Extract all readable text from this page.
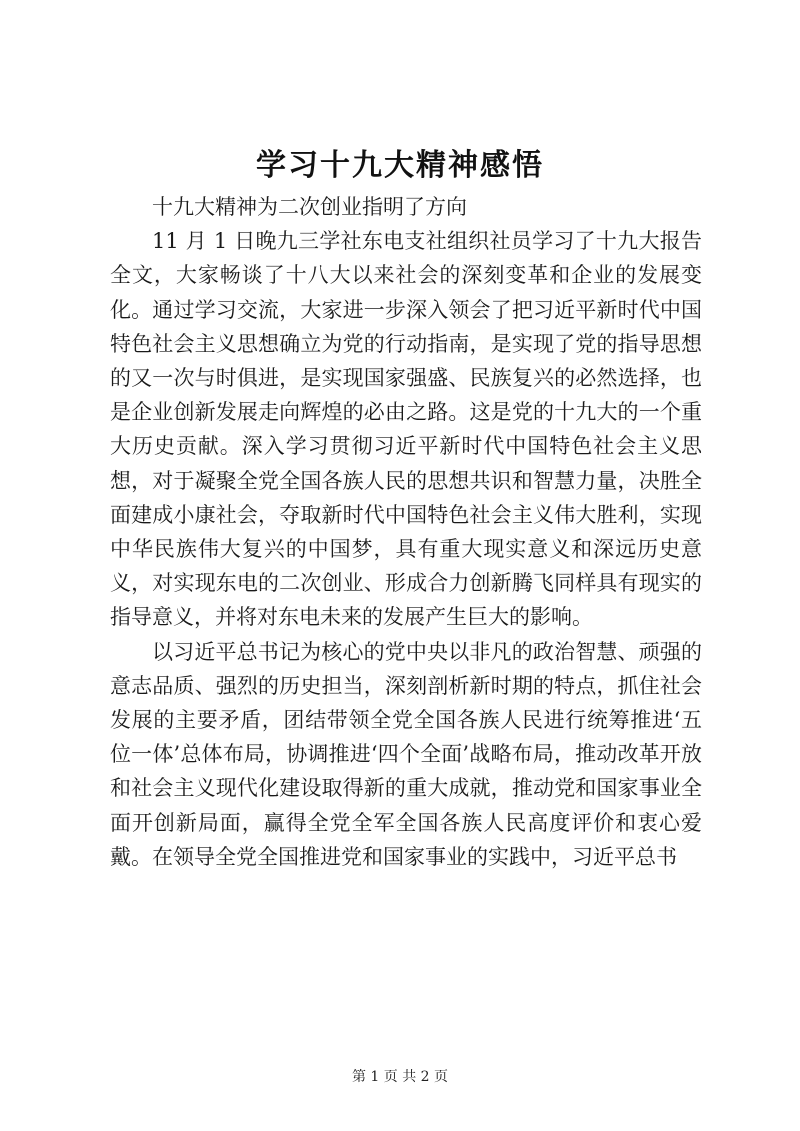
学习十九大精神感悟

十九大精神为二次创业指明了方向

11 月 1 日晚九三学社东电支社组织社员学习了十九大报告全文，大家畅谈了十八大以来社会的深刻变革和企业的发展变化。通过学习交流，大家进一步深入领会了把习近平新时代中国特色社会主义思想确立为党的行动指南，是实现了党的指导思想的又一次与时俱进，是实现国家强盛、民族复兴的必然选择，也是企业创新发展走向辉煌的必由之路。这是党的十九大的一个重大历史贡献。深入学习贯彻习近平新时代中国特色社会主义思想，对于凝聚全党全国各族人民的思想共识和智慧力量，决胜全面建成小康社会，夺取新时代中国特色社会主义伟大胜利，实现中华民族伟大复兴的中国梦，具有重大现实意义和深远历史意义，对实现东电的二次创业、形成合力创新腾飞同样具有现实的指导意义，并将对东电未来的发展产生巨大的影响。

以习近平总书记为核心的党中央以非凡的政治智慧、顽强的意志品质、强烈的历史担当，深刻剖析新时期的特点，抓住社会发展的主要矛盾，团结带领全党全国各族人民进行统筹推进‘五位一体’总体布局，协调推进‘四个全面’战略布局，推动改革开放和社会主义现代化建设取得新的重大成就，推动党和国家事业全面开创新局面，赢得全党全军全国各族人民高度评价和衷心爱戴。在领导全党全国推进党和国家事业的实践中，习近平总书

第 1 页 共 2 页
